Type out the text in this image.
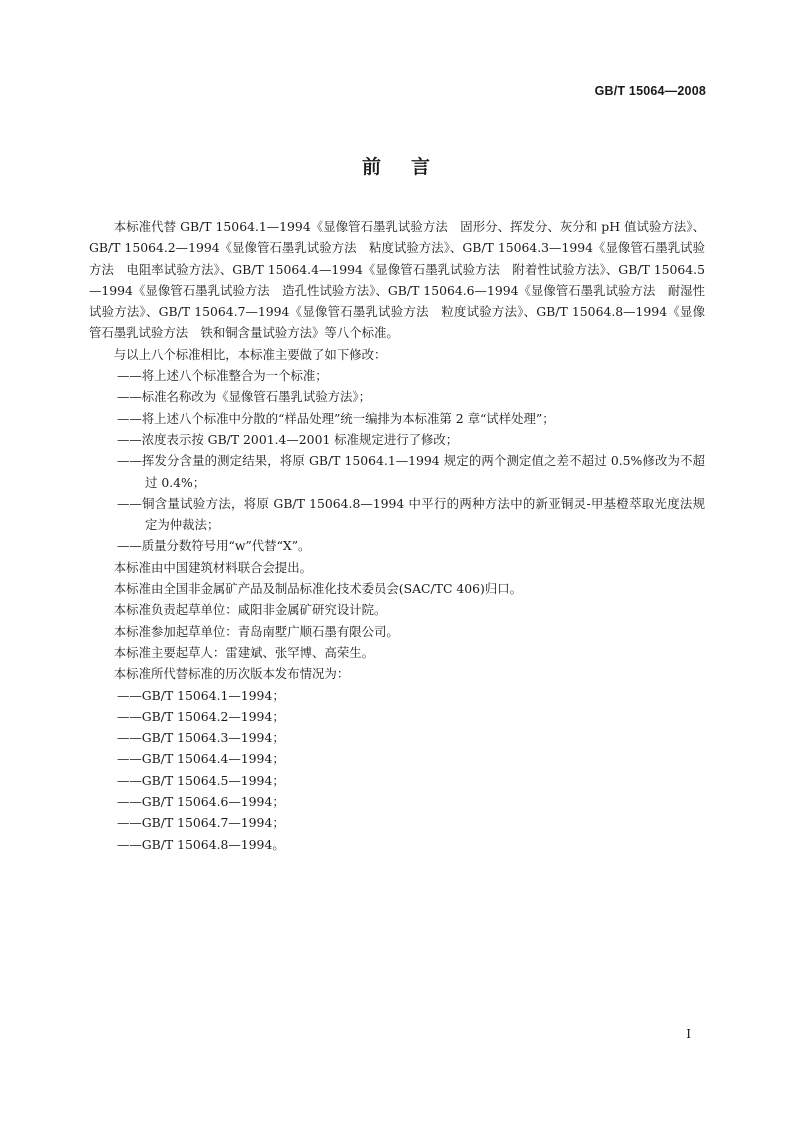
GB/T 15064—2008
前 言

本标准代替 GB/T 15064.1—1994《显像管石墨乳试验方法　固形分、挥发分、灰分和 pH 值试验方法》、GB/T 15064.2—1994《显像管石墨乳试验方法　粘度试验方法》、GB/T 15064.3—1994《显像管石墨乳试验方法　电阻率试验方法》、GB/T 15064.4—1994《显像管石墨乳试验方法　附着性试验方法》、GB/T 15064.5—1994《显像管石墨乳试验方法　造孔性试验方法》、GB/T 15064.6—1994《显像管石墨乳试验方法　耐湿性试验方法》、GB/T 15064.7—1994《显像管石墨乳试验方法　粒度试验方法》、GB/T 15064.8—1994《显像管石墨乳试验方法　铁和铜含量试验方法》等八个标准。

与以上八个标准相比，本标准主要做了如下修改：

——将上述八个标准整合为一个标准；

——标准名称改为《显像管石墨乳试验方法》；

——将上述八个标准中分散的“样品处理”统一编排为本标准第 2 章“试样处理”；

——浓度表示按 GB/T 2001.4—2001 标准规定进行了修改；

——挥发分含量的测定结果，将原 GB/T 15064.1—1994 规定的两个测定值之差不超过 0.5%修改为不超过 0.4%；

——铜含量试验方法，将原 GB/T 15064.8—1994 中平行的两种方法中的新亚铜灵-甲基橙萃取光度法规定为仲裁法；

——质量分数符号用“w”代替“X”。

本标准由中国建筑材料联合会提出。

本标准由全国非金属矿产品及制品标准化技术委员会(SAC/TC 406)归口。

本标准负责起草单位：咸阳非金属矿研究设计院。

本标准参加起草单位：青岛南墅广顺石墨有限公司。

本标准主要起草人：雷建斌、张罕博、高荣生。

本标准所代替标准的历次版本发布情况为：

——GB/T 15064.1—1994；

——GB/T 15064.2—1994；

——GB/T 15064.3—1994；

——GB/T 15064.4—1994；

——GB/T 15064.5—1994；

——GB/T 15064.6—1994；

——GB/T 15064.7—1994；

——GB/T 15064.8—1994。

I
